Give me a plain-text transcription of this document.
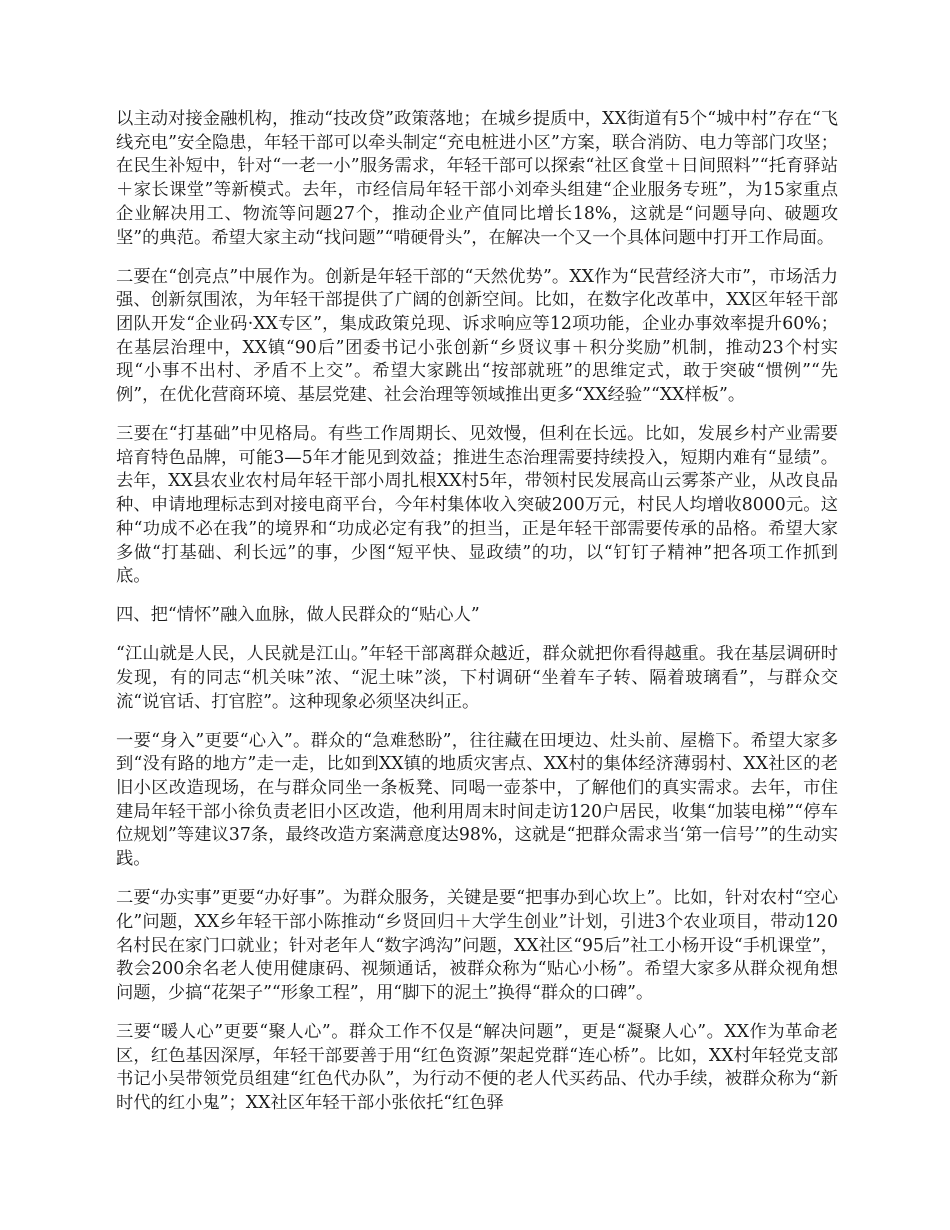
以主动对接金融机构，推动“技改贷”政策落地；在城乡提质中，XX街道有5个“城中村”存在“飞线充电”安全隐患，年轻干部可以牵头制定“充电桩进小区”方案，联合消防、电力等部门攻坚；在民生补短中，针对“一老一小”服务需求，年轻干部可以探索“社区食堂＋日间照料”“托育驿站＋家长课堂”等新模式。去年，市经信局年轻干部小刘牵头组建“企业服务专班”，为15家重点企业解决用工、物流等问题27个，推动企业产值同比增长18%，这就是“问题导向、破题攻坚”的典范。希望大家主动“找问题”“啃硬骨头”，在解决一个又一个具体问题中打开工作局面。

二要在“创亮点”中展作为。创新是年轻干部的“天然优势”。XX作为“民营经济大市”，市场活力强、创新氛围浓，为年轻干部提供了广阔的创新空间。比如，在数字化改革中，XX区年轻干部团队开发“企业码·XX专区”，集成政策兑现、诉求响应等12项功能，企业办事效率提升60%；在基层治理中，XX镇“90后”团委书记小张创新“乡贤议事＋积分奖励”机制，推动23个村实现“小事不出村、矛盾不上交”。希望大家跳出“按部就班”的思维定式，敢于突破“惯例”“先例”，在优化营商环境、基层党建、社会治理等领域推出更多“XX经验”“XX样板”。

三要在“打基础”中见格局。有些工作周期长、见效慢，但利在长远。比如，发展乡村产业需要培育特色品牌，可能3—5年才能见到效益；推进生态治理需要持续投入，短期内难有“显绩”。去年，XX县农业农村局年轻干部小周扎根XX村5年，带领村民发展高山云雾茶产业，从改良品种、申请地理标志到对接电商平台，今年村集体收入突破200万元，村民人均增收8000元。这种“功成不必在我”的境界和“功成必定有我”的担当，正是年轻干部需要传承的品格。希望大家多做“打基础、利长远”的事，少图“短平快、显政绩”的功，以“钉钉子精神”把各项工作抓到底。

四、把“情怀”融入血脉，做人民群众的“贴心人”

“江山就是人民，人民就是江山。”年轻干部离群众越近，群众就把你看得越重。我在基层调研时发现，有的同志“机关味”浓、“泥土味”淡，下村调研“坐着车子转、隔着玻璃看”，与群众交流“说官话、打官腔”。这种现象必须坚决纠正。

一要“身入”更要“心入”。群众的“急难愁盼”，往往藏在田埂边、灶头前、屋檐下。希望大家多到“没有路的地方”走一走，比如到XX镇的地质灾害点、XX村的集体经济薄弱村、XX社区的老旧小区改造现场，在与群众同坐一条板凳、同喝一壶茶中，了解他们的真实需求。去年，市住建局年轻干部小徐负责老旧小区改造，他利用周末时间走访120户居民，收集“加装电梯”“停车位规划”等建议37条，最终改造方案满意度达98%，这就是“把群众需求当‘第一信号’”的生动实践。

二要“办实事”更要“办好事”。为群众服务，关键是要“把事办到心坎上”。比如，针对农村“空心化”问题，XX乡年轻干部小陈推动“乡贤回归＋大学生创业”计划，引进3个农业项目，带动120名村民在家门口就业；针对老年人“数字鸿沟”问题，XX社区“95后”社工小杨开设“手机课堂”，教会200余名老人使用健康码、视频通话，被群众称为“贴心小杨”。希望大家多从群众视角想问题，少搞“花架子”“形象工程”，用“脚下的泥土”换得“群众的口碑”。

三要“暖人心”更要“聚人心”。群众工作不仅是“解决问题”，更是“凝聚人心”。XX作为革命老区，红色基因深厚，年轻干部要善于用“红色资源”架起党群“连心桥”。比如，XX村年轻党支部书记小吴带领党员组建“红色代办队”，为行动不便的老人代买药品、代办手续，被群众称为“新时代的红小鬼”；XX社区年轻干部小张依托“红色驿
